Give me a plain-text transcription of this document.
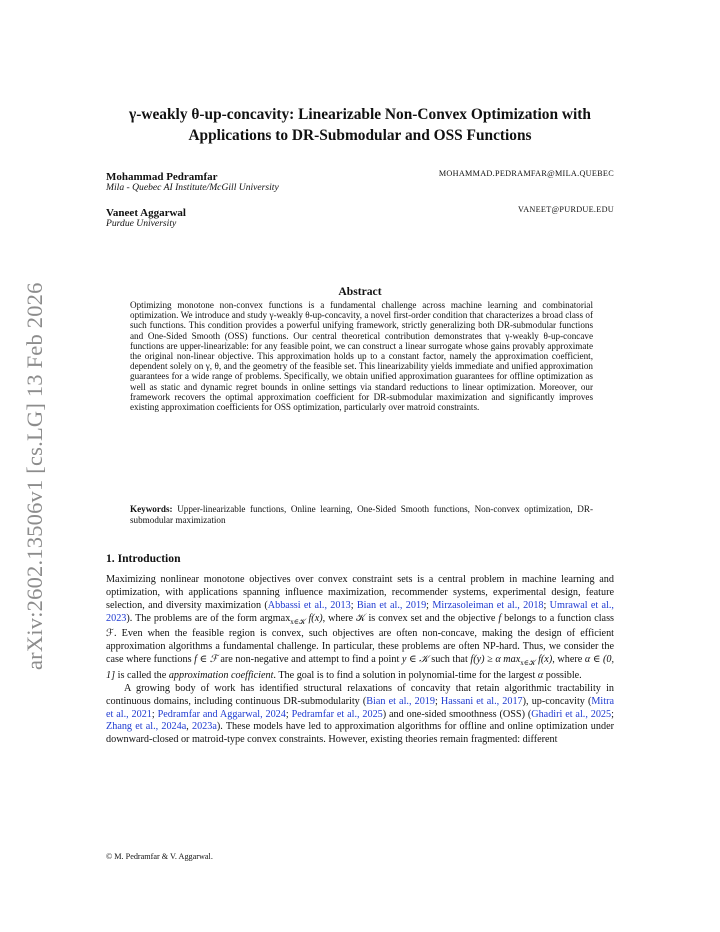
arXiv:2602.13506v1 [cs.LG] 13 Feb 2026
γ-weakly θ-up-concavity: Linearizable Non-Convex Optimization with Applications to DR-Submodular and OSS Functions
Mohammad Pedramfar	MOHAMMAD.PEDRAMFAR@MILA.QUEBEC
Mila - Quebec AI Institute/McGill University
Vaneet Aggarwal	VANEET@PURDUE.EDU
Purdue University
Abstract
Optimizing monotone non-convex functions is a fundamental challenge across machine learning and combinatorial optimization. We introduce and study γ-weakly θ-up-concavity, a novel first-order condition that characterizes a broad class of such functions. This condition provides a powerful unifying framework, strictly generalizing both DR-submodular functions and One-Sided Smooth (OSS) functions. Our central theoretical contribution demonstrates that γ-weakly θ-up-concave functions are upper-linearizable: for any feasible point, we can construct a linear surrogate whose gains provably approximate the original non-linear objective. This approximation holds up to a constant factor, namely the approximation coefficient, dependent solely on γ, θ, and the geometry of the feasible set. This linearizability yields immediate and unified approximation guarantees for a wide range of problems. Specifically, we obtain unified approximation guarantees for offline optimization as well as static and dynamic regret bounds in online settings via standard reductions to linear optimization. Moreover, our framework recovers the optimal approximation coefficient for DR-submodular maximization and significantly improves existing approximation coefficients for OSS optimization, particularly over matroid constraints.
Keywords: Upper-linearizable functions, Online learning, One-Sided Smooth functions, Non-convex optimization, DR-submodular maximization
1. Introduction

Maximizing nonlinear monotone objectives over convex constraint sets is a central problem in machine learning and optimization, with applications spanning influence maximization, recommender systems, experimental design, feature selection, and diversity maximization (Abbassi et al., 2013; Bian et al., 2019; Mirzasoleiman et al., 2018; Umrawal et al., 2023). The problems are of the form argmax$_{x\in 𝒦}$ f(x), where 𝒦 is convex set and the objective f belongs to a function class ℱ. Even when the feasible region is convex, such objectives are often non-concave, making the design of efficient approximation algorithms a fundamental challenge. In particular, these problems are often NP-hard. Thus, we consider the case where functions f ∈ ℱ are non-negative and attempt to find a point y ∈ 𝒦 such that f(y) ≥ α $\max_{x\in 𝒦} f(x)$, where α ∈ (0, 1] is called the approximation coefficient. The goal is to find a solution in polynomial-time for the largest α possible.

A growing body of work has identified structural relaxations of concavity that retain algorithmic tractability in continuous domains, including continuous DR-submodularity (Bian et al., 2019; Hassani et al., 2017), up-concavity (Mitra et al., 2021; Pedramfar and Aggarwal, 2024; Pedramfar et al., 2025) and one-sided smoothness (OSS) (Ghadiri et al., 2025; Zhang et al., 2024a, 2023a). These models have led to approximation algorithms for offline and online optimization under downward-closed or matroid-type convex constraints. However, existing theories remain fragmented: different

© M. Pedramfar & V. Aggarwal.
